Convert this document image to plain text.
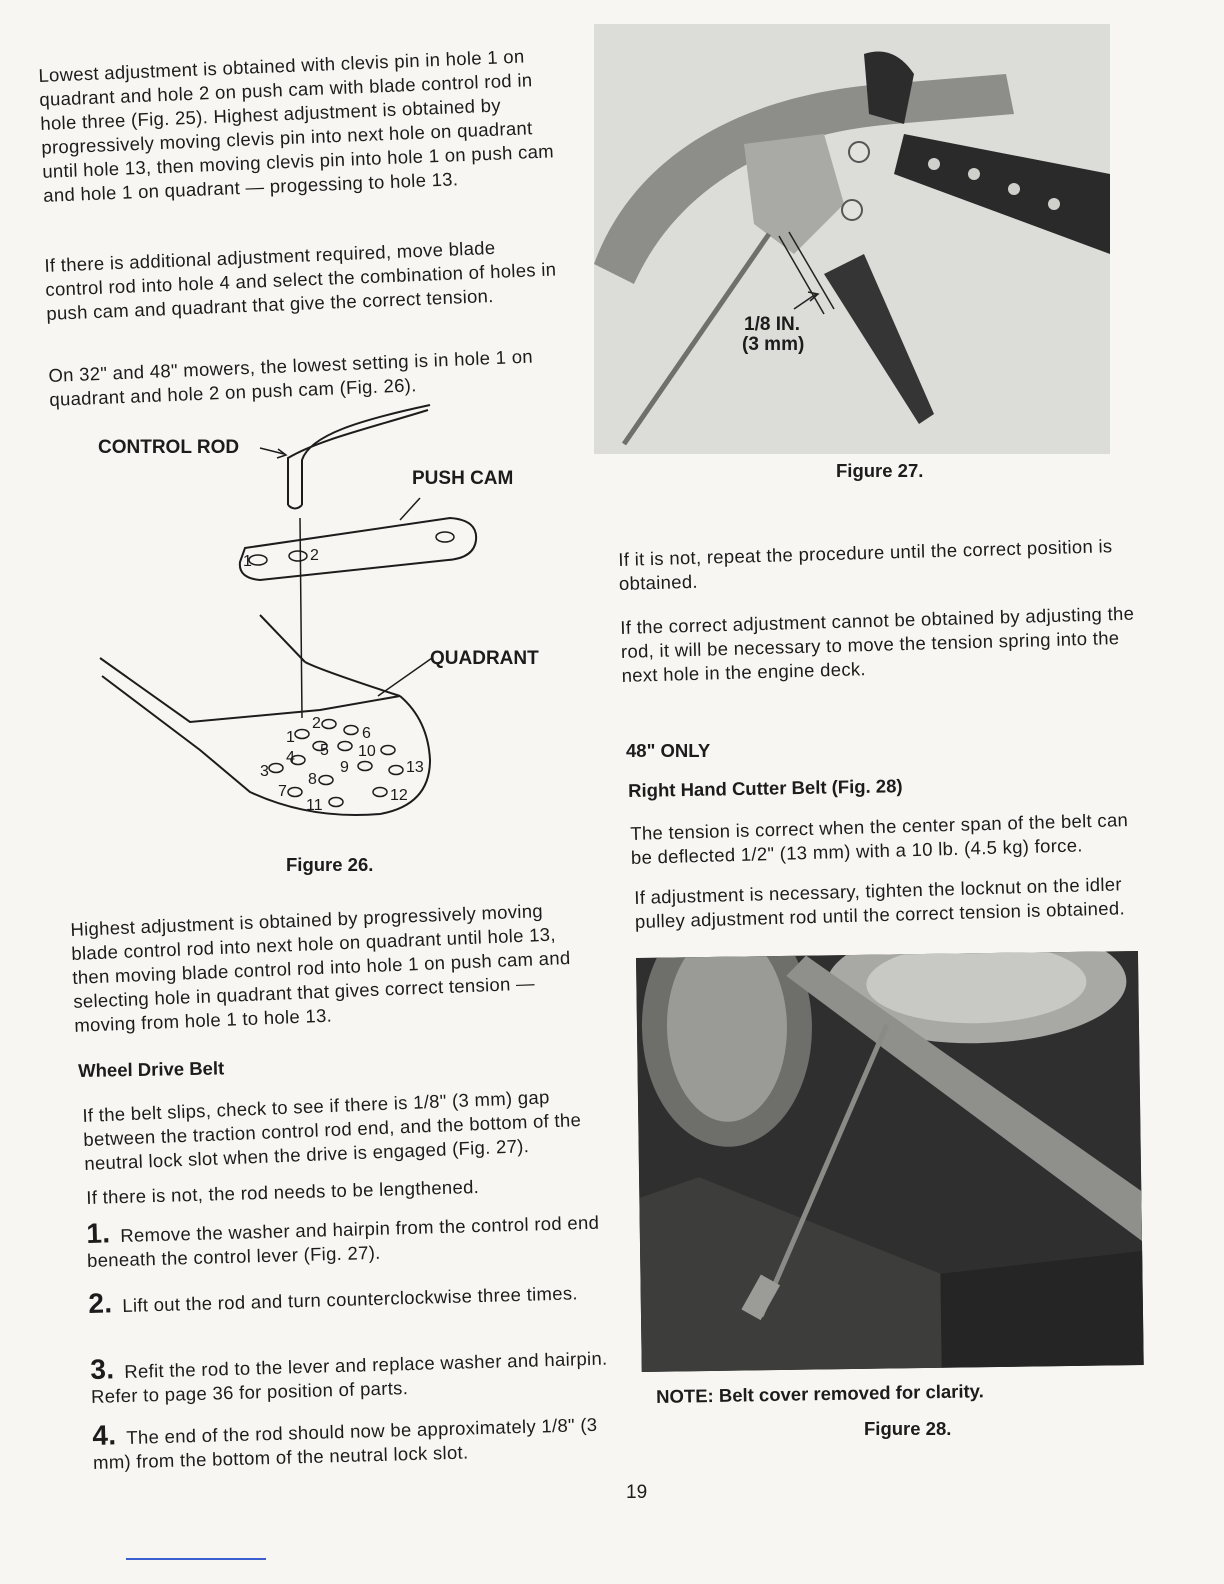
Lowest adjustment is obtained with clevis pin in hole 1 on quadrant and hole 2 on push cam with blade control rod in hole three (Fig. 25). Highest adjustment is obtained by progressively moving clevis pin into next hole on quadrant until hole 13, then moving clevis pin into hole 1 on push cam and hole 1 on quadrant — progessing to hole 13.

If there is additional adjustment required, move blade control rod into hole 4 and select the combination of holes in push cam and quadrant that give the correct tension.

On 32" and 48" mowers, the lowest setting is in hole 1 on quadrant and hole 2 on push cam (Fig. 26).

CONTROL ROD
PUSH CAM
1	2
QUADRANT
1
2
3
4 5
6
7
8
9
10
11
12
13
Figure 26.

Highest adjustment is obtained by progressively moving blade control rod into next hole on quadrant until hole 13, then moving blade control rod into hole 1 on push cam and selecting hole in quadrant that gives correct tension — moving from hole 1 to hole 13.

Wheel Drive Belt

If the belt slips, check to see if there is 1/8" (3 mm) gap between the traction control rod end, and the bottom of the neutral lock slot when the drive is engaged (Fig. 27).

If there is not, the rod needs to be lengthened.

1. Remove the washer and hairpin from the control rod end beneath the control lever (Fig. 27).
2. Lift out the rod and turn counterclockwise three times.
3. Refit the rod to the lever and replace washer and hairpin. Refer to page 36 for position of parts.
4. The end of the rod should now be approximately 1/8" (3 mm) from the bottom of the neutral lock slot.
1/8 IN.
(3 mm)
Figure 27.

If it is not, repeat the procedure until the correct position is obtained.

If the correct adjustment cannot be obtained by adjusting the rod, it will be necessary to move the tension spring into the next hole in the engine deck.

48" ONLY
Right Hand Cutter Belt (Fig. 28)

The tension is correct when the center span of the belt can be deflected 1/2" (13 mm) with a 10 lb. (4.5 kg) force.

If adjustment is necessary, tighten the locknut on the idler pulley adjustment rod until the correct tension is obtained.

NOTE: Belt cover removed for clarity.
Figure 28.
19
